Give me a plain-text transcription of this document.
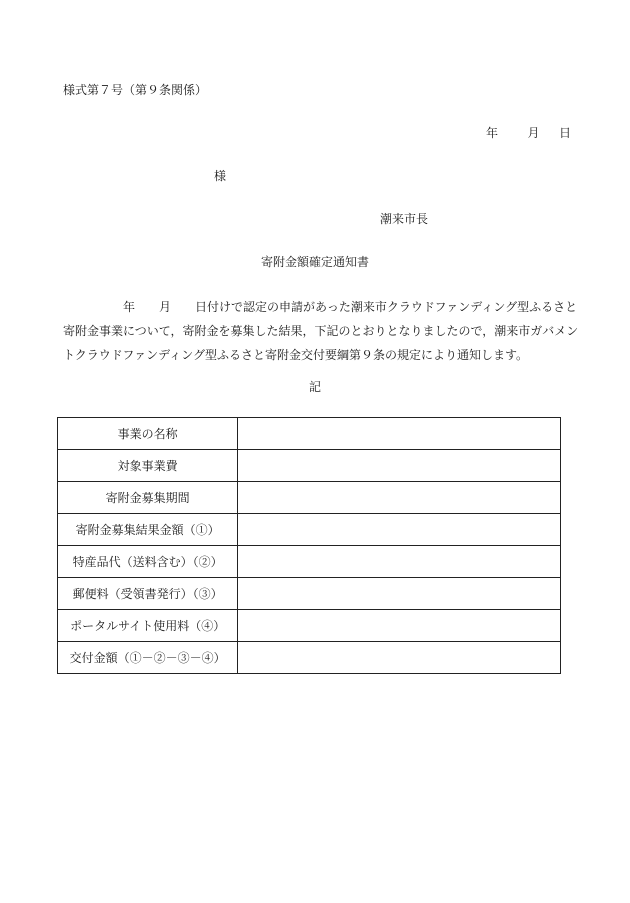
様式第７号（第９条関係）
年 月 日
様
潮来市長
寄附金額確定通知書
　　年　　月　　日付けで認定の申請があった潮来市クラウドファンディング型ふるさと
寄附金事業について，寄附金を募集した結果，下記のとおりとなりましたので，潮来市ガバメン
トクラウドファンディング型ふるさと寄附金交付要綱第９条の規定により通知します。
記
事業の名称	
対象事業費	
寄附金募集期間	
寄附金募集結果金額（①）	
特産品代（送料含む）（②）	
郵便料（受領書発行）（③）	
ポータルサイト使用料（④）	
交付金額（①－②－③－④）	
